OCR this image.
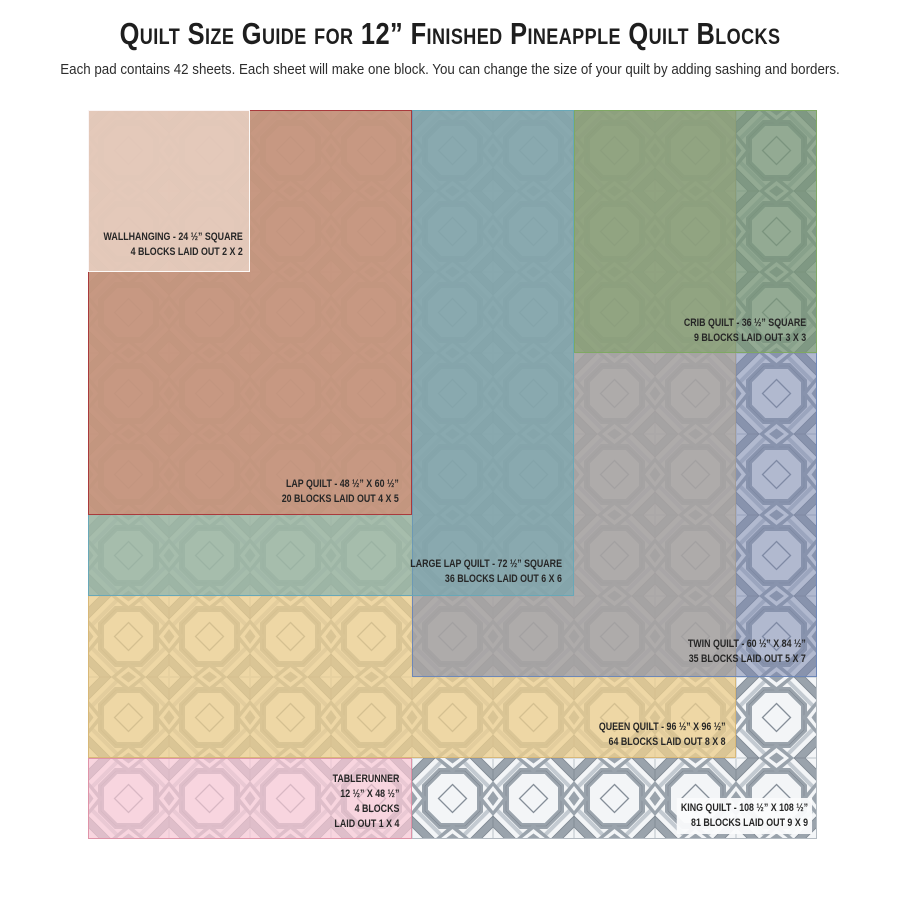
Quilt Size Guide for 12” Finished Pineapple Quilt Blocks
Each pad contains 42 sheets. Each sheet will make one block. You can change the size of your quilt by adding sashing and borders.
KING QUILT - 108 ½” X 108 ½”
81 BLOCKS LAID OUT 9 X 9
QUEEN QUILT - 96 ½” X 96 ½”
64 BLOCKS LAID OUT 8 X 8
TWIN QUILT - 60 ½” X 84 ½”
35 BLOCKS LAID OUT 5 X 7
LARGE LAP QUILT - 72 ½” SQUARE
36 BLOCKS LAID OUT 6 X 6
CRIB QUILT - 36 ½” SQUARE
9 BLOCKS LAID OUT 3 X 3
LAP QUILT - 48 ½” X 60 ½”
20 BLOCKS LAID OUT 4 X 5
WALLHANGING - 24 ½” SQUARE
4 BLOCKS LAID OUT 2 X 2
TABLERUNNER
12 ½” X 48 ½”
4 BLOCKS
LAID OUT 1 X 4
